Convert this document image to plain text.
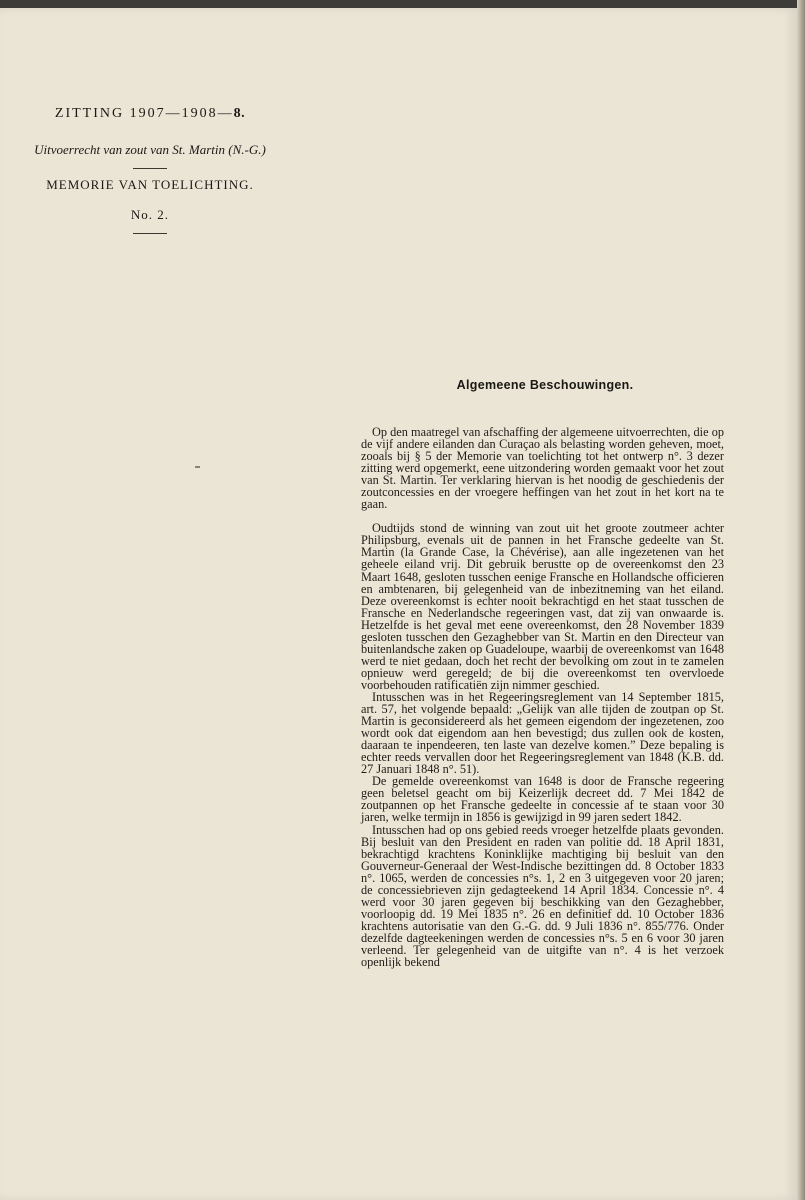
ZITTING 1907—1908—8.

Uitvoerrecht van zout van St. Martin (N.-G.)

MEMORIE VAN TOELICHTING.

No. 2.

Algemeene Beschouwingen.

Op den maatregel van afschaffing der algemeene uitvoerrechten, die op de vijf andere eilanden dan Curaçao als belasting worden geheven, moet, zooals bij § 5 der Memorie van toelichting tot het ontwerp n°. 3 dezer zitting werd opgemerkt, eene uitzondering worden gemaakt voor het zout van St. Martin. Ter verklaring hiervan is het noodig de geschiedenis der zoutconcessies en der vroegere heffingen van het zout in het kort na te gaan.

Oudtijds stond de winning van zout uit het groote zoutmeer achter Philipsburg, evenals uit de pannen in het Fransche gedeelte van St. Martin (la Grande Case, la Chévérise), aan alle ingezetenen van het geheele eiland vrij. Dit gebruik berustte op de overeenkomst den 23 Maart 1648, gesloten tusschen eenige Fransche en Hollandsche officieren en ambtenaren, bij gelegenheid van de inbezitneming van het eiland. Deze overeenkomst is echter nooit bekrachtigd en het staat tusschen de Fransche en Nederlandsche regeeringen vast, dat zij van onwaarde is. Hetzelfde is het geval met eene overeenkomst, den 28 November 1839 gesloten tusschen den Gezaghebber van St. Martin en den Directeur van buitenlandsche zaken op Guadeloupe, waarbij de overeenkomst van 1648 werd te niet gedaan, doch het recht der bevolking om zout in te zamelen opnieuw werd geregeld; de bij die overeenkomst ten overvloede voorbehouden ratificatiën zijn nimmer geschied.

Intusschen was in het Regeeringsreglement van 14 September 1815, art. 57, het volgende bepaald: „Gelijk van alle tijden de zoutpan op St. Martin is geconsidereerd als het gemeen eigendom der ingezetenen, zoo wordt ook dat eigendom aan hen bevestigd; dus zullen ook de kosten, daaraan te inpendeeren, ten laste van dezelve komen.” Deze bepaling is echter reeds vervallen door het Regeeringsreglement van 1848 (K.B. dd. 27 Januari 1848 n°. 51).

De gemelde overeenkomst van 1648 is door de Fransche regeering geen beletsel geacht om bij Keizerlijk decreet dd. 7 Mei 1842 de zoutpannen op het Fransche gedeelte in concessie af te staan voor 30 jaren, welke termijn in 1856 is gewijzigd in 99 jaren sedert 1842.

Intusschen had op ons gebied reeds vroeger hetzelfde plaats gevonden. Bij besluit van den President en raden van politie dd. 18 April 1831, bekrachtigd krachtens Koninklijke machtiging bij besluit van den Gouverneur-Generaal der West-Indische bezittingen dd. 8 October 1833 n°. 1065, werden de concessies n°s. 1, 2 en 3 uitgegeven voor 20 jaren; de concessiebrieven zijn gedagteekend 14 April 1834. Concessie n°. 4 werd voor 30 jaren gegeven bij beschikking van den Gezaghebber, voorloopig dd. 19 Mei 1835 n°. 26 en definitief dd. 10 October 1836 krachtens autorisatie van den G.-G. dd. 9 Juli 1836 n°. 855/776. Onder dezelfde dagteekeningen werden de concessies n°s. 5 en 6 voor 30 jaren verleend. Ter gelegenheid van de uitgifte van n°. 4 is het verzoek openlijk bekend
